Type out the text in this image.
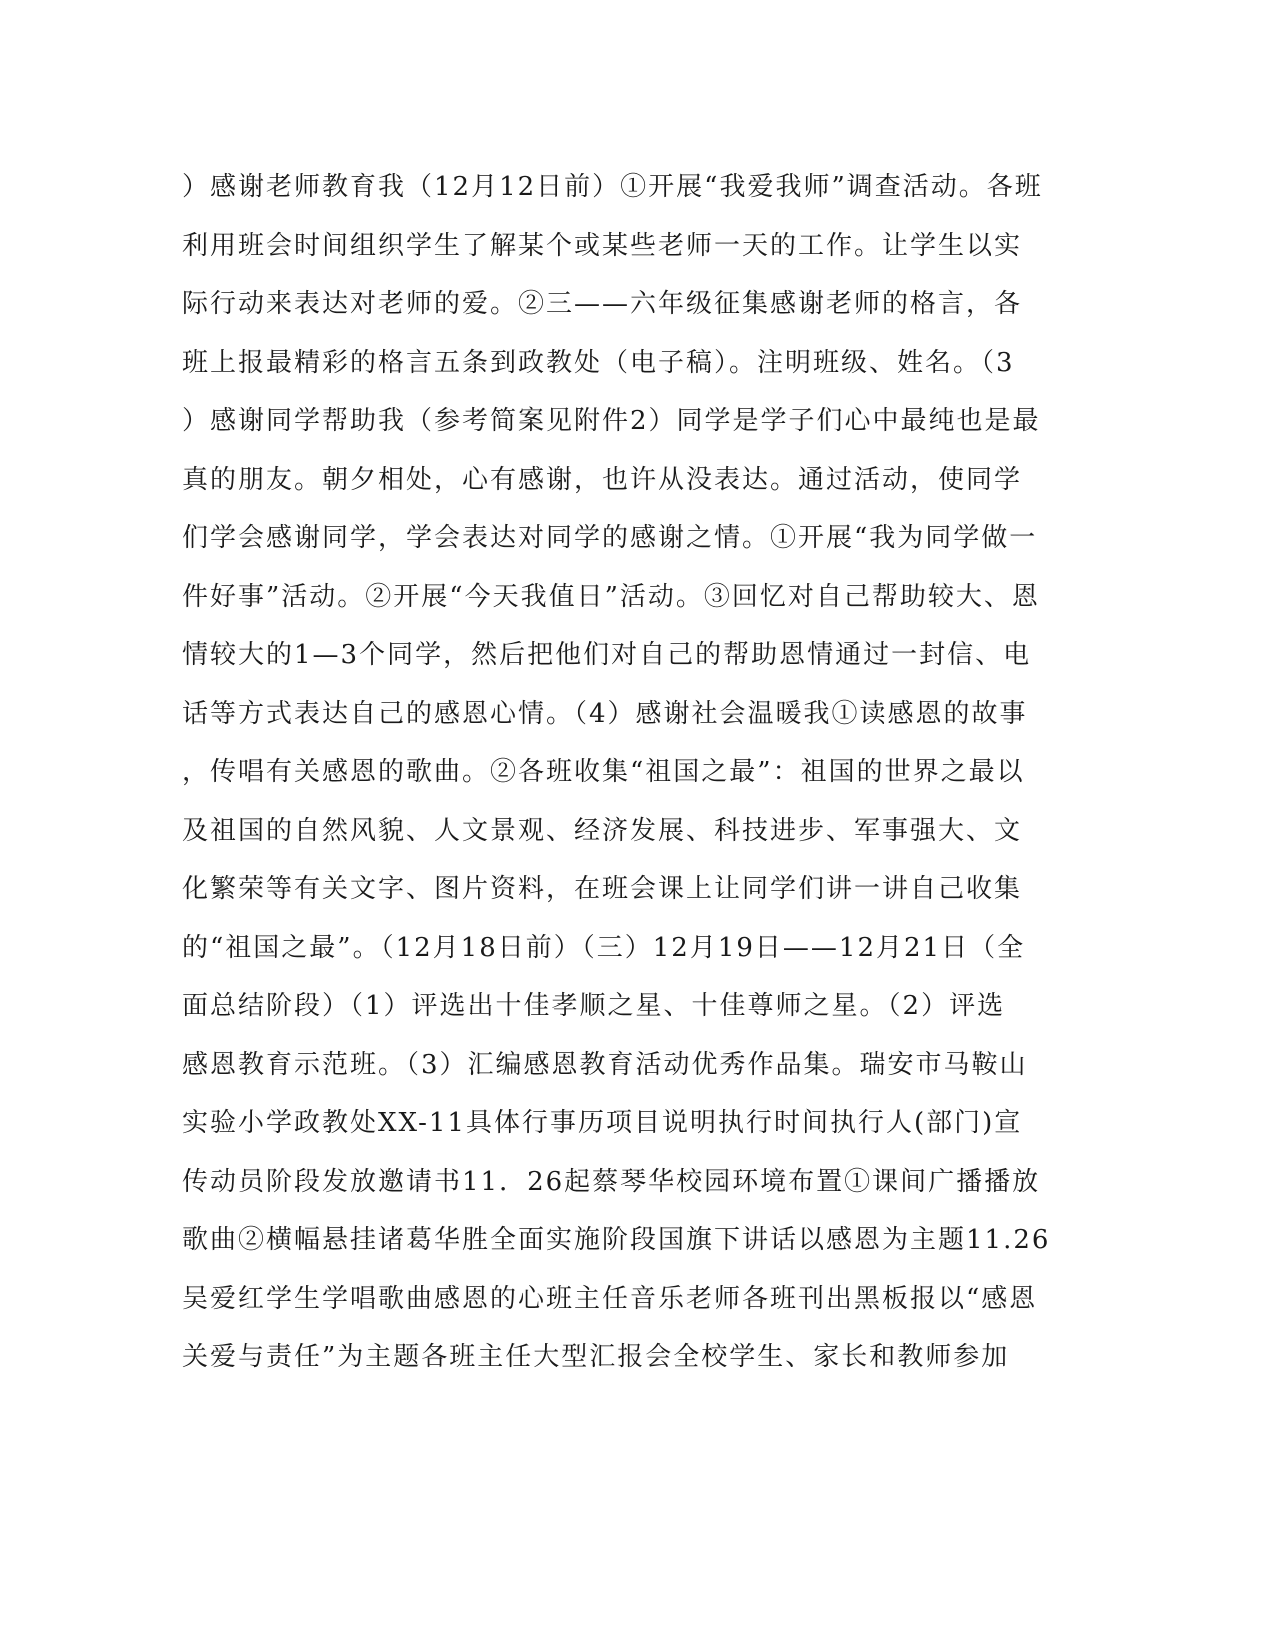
）感谢老师教育我（12月12日前）①开展“我爱我师”调查活动。各班
利用班会时间组织学生了解某个或某些老师一天的工作。让学生以实
际行动来表达对老师的爱。②三——六年级征集感谢老师的格言，各
班上报最精彩的格言五条到政教处（电子稿）。注明班级、姓名。（3
）感谢同学帮助我（参考简案见附件2）同学是学子们心中最纯也是最
真的朋友。朝夕相处，心有感谢，也许从没表达。通过活动，使同学
们学会感谢同学，学会表达对同学的感谢之情。①开展“我为同学做一
件好事”活动。②开展“今天我值日”活动。③回忆对自己帮助较大、恩
情较大的1—3个同学，然后把他们对自己的帮助恩情通过一封信、电
话等方式表达自己的感恩心情。（4）感谢社会温暖我①读感恩的故事
，传唱有关感恩的歌曲。②各班收集“祖国之最”：祖国的世界之最以
及祖国的自然风貌、人文景观、经济发展、科技进步、军事强大、文
化繁荣等有关文字、图片资料，在班会课上让同学们讲一讲自己收集
的“祖国之最”。（12月18日前）（三）12月19日——12月21日（全
面总结阶段）（1）评选出十佳孝顺之星、十佳尊师之星。（2）评选
感恩教育示范班。（3）汇编感恩教育活动优秀作品集。瑞安市马鞍山
实验小学政教处XX-11具体行事历项目说明执行时间执行人(部门)宣
传动员阶段发放邀请书11．26起蔡琴华校园环境布置①课间广播播放
歌曲②横幅悬挂诸葛华胜全面实施阶段国旗下讲话以感恩为主题11.26
吴爱红学生学唱歌曲感恩的心班主任音乐老师各班刊出黑板报以“感恩
关爱与责任”为主题各班主任大型汇报会全校学生、家长和教师参加
